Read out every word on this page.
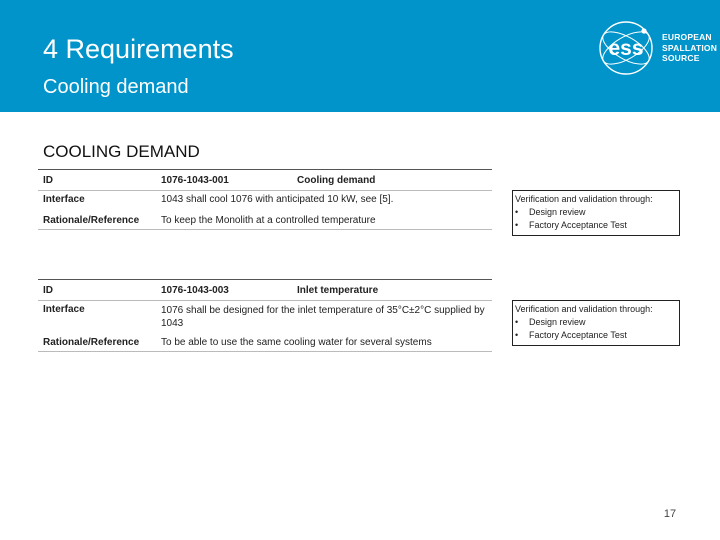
4 Requirements
Cooling demand
ess EUROPEAN
SPALLATION
SOURCE
COOLING DEMAND
ID	1076-1043-001	Cooling demand
Interface	1043 shall cool 1076 with anticipated 10 kW, see [5].	
Rationale/Reference	To keep the Monolith at a controlled temperature	
Verification and validation through:
• Design review
• Factory Acceptance Test
ID	1076-1043-003	Inlet temperature
Interface	1076 shall be designed for the inlet temperature of 35°C±2°C supplied by 1043	
Rationale/Reference	To be able to use the same cooling water for several systems	
Verification and validation through:
• Design review
• Factory Acceptance Test
17
